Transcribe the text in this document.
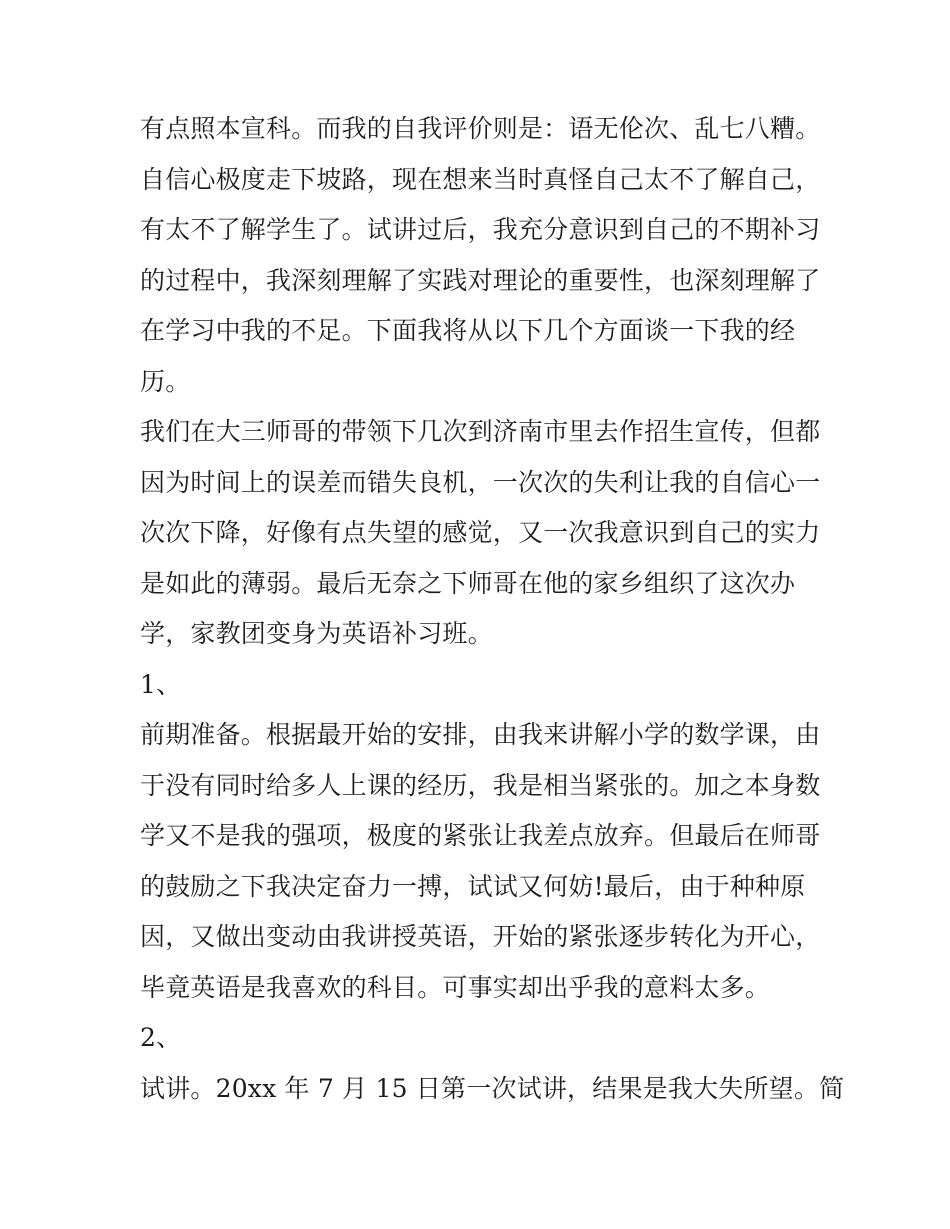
有点照本宣科。而我的自我评价则是：语无伦次、乱七八糟。
自信心极度走下坡路，现在想来当时真怪自己太不了解自己，
有太不了解学生了。试讲过后，我充分意识到自己的不期补习
的过程中，我深刻理解了实践对理论的重要性，也深刻理解了
在学习中我的不足。下面我将从以下几个方面谈一下我的经
历。
我们在大三师哥的带领下几次到济南市里去作招生宣传，但都
因为时间上的误差而错失良机，一次次的失利让我的自信心一
次次下降，好像有点失望的感觉，又一次我意识到自己的实力
是如此的薄弱。最后无奈之下师哥在他的家乡组织了这次办
学，家教团变身为英语补习班。
1、
前期准备。根据最开始的安排，由我来讲解小学的数学课，由
于没有同时给多人上课的经历，我是相当紧张的。加之本身数
学又不是我的强项，极度的紧张让我差点放弃。但最后在师哥
的鼓励之下我决定奋力一搏，试试又何妨!最后，由于种种原
因，又做出变动由我讲授英语，开始的紧张逐步转化为开心，
毕竟英语是我喜欢的科目。可事实却出乎我的意料太多。
2、
试讲。20xx 年 7 月 15 日第一次试讲，结果是我大失所望。简
